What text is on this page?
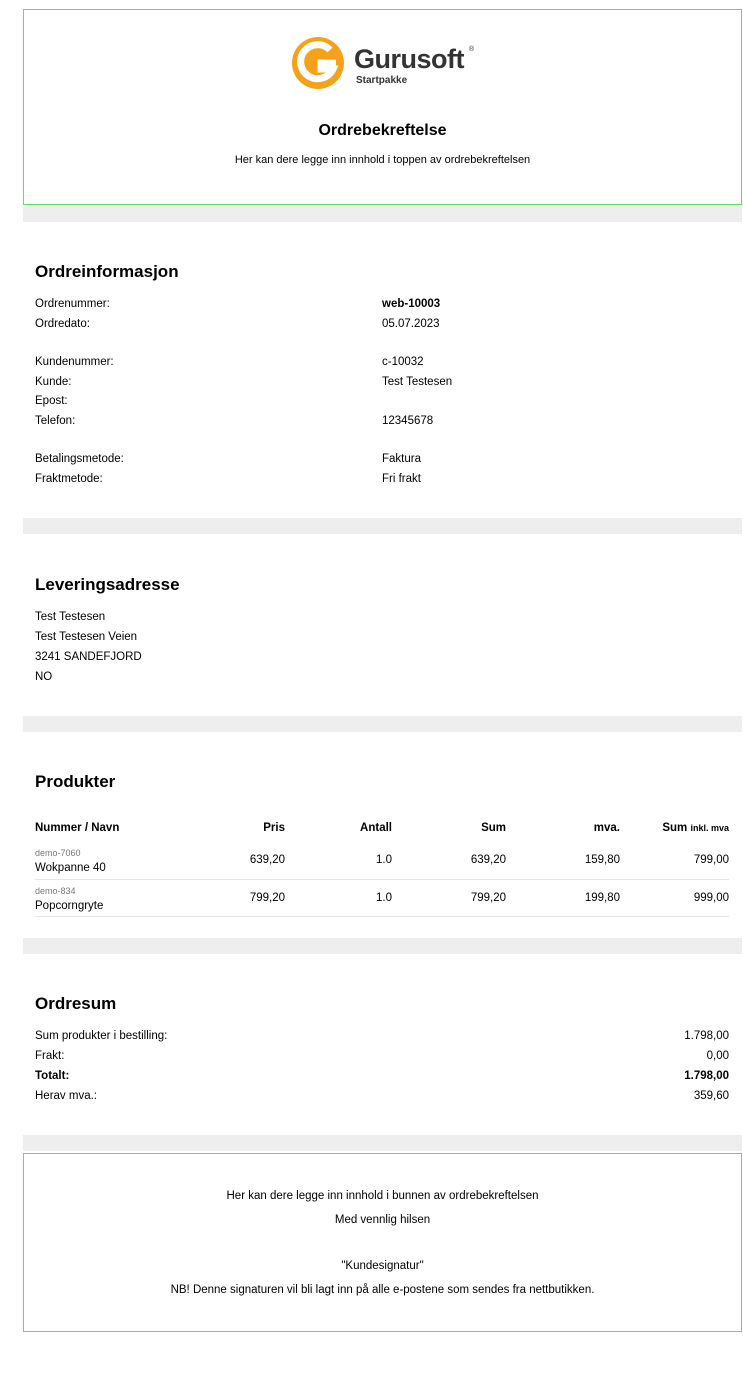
Gurusoft ®
Startpakke
Ordrebekreftelse
Her kan dere legge inn innhold i toppen av ordrebekreftelsen
Ordreinformasjon
Ordrenummer:	web-10003
Ordredato:	05.07.2023
Kundenummer:	c-10032
Kunde:	Test Testesen
Epost:
Telefon:	12345678
Betalingsmetode:	Faktura
Fraktmetode:	Fri frakt
Leveringsadresse
Test Testesen
Test Testesen Veien
3241 SANDEFJORD
NO
Produkter
Nummer / Navn	Pris	Antall	Sum	mva.	Sum inkl. mva

demo-7060
Wokpanne 40	639,20	1.0	639,20	159,80	799,00

demo-834
Popcorngryte	799,20	1.0	799,20	199,80	999,00
Ordresum
Sum produkter i bestilling:	1.798,00
Frakt:	0,00
Totalt:	1.798,00
Herav mva.:	359,60
Her kan dere legge inn innhold i bunnen av ordrebekreftelsen
Med vennlig hilsen
"Kundesignatur"
NB! Denne signaturen vil bli lagt inn på alle e-postene som sendes fra nettbutikken.
